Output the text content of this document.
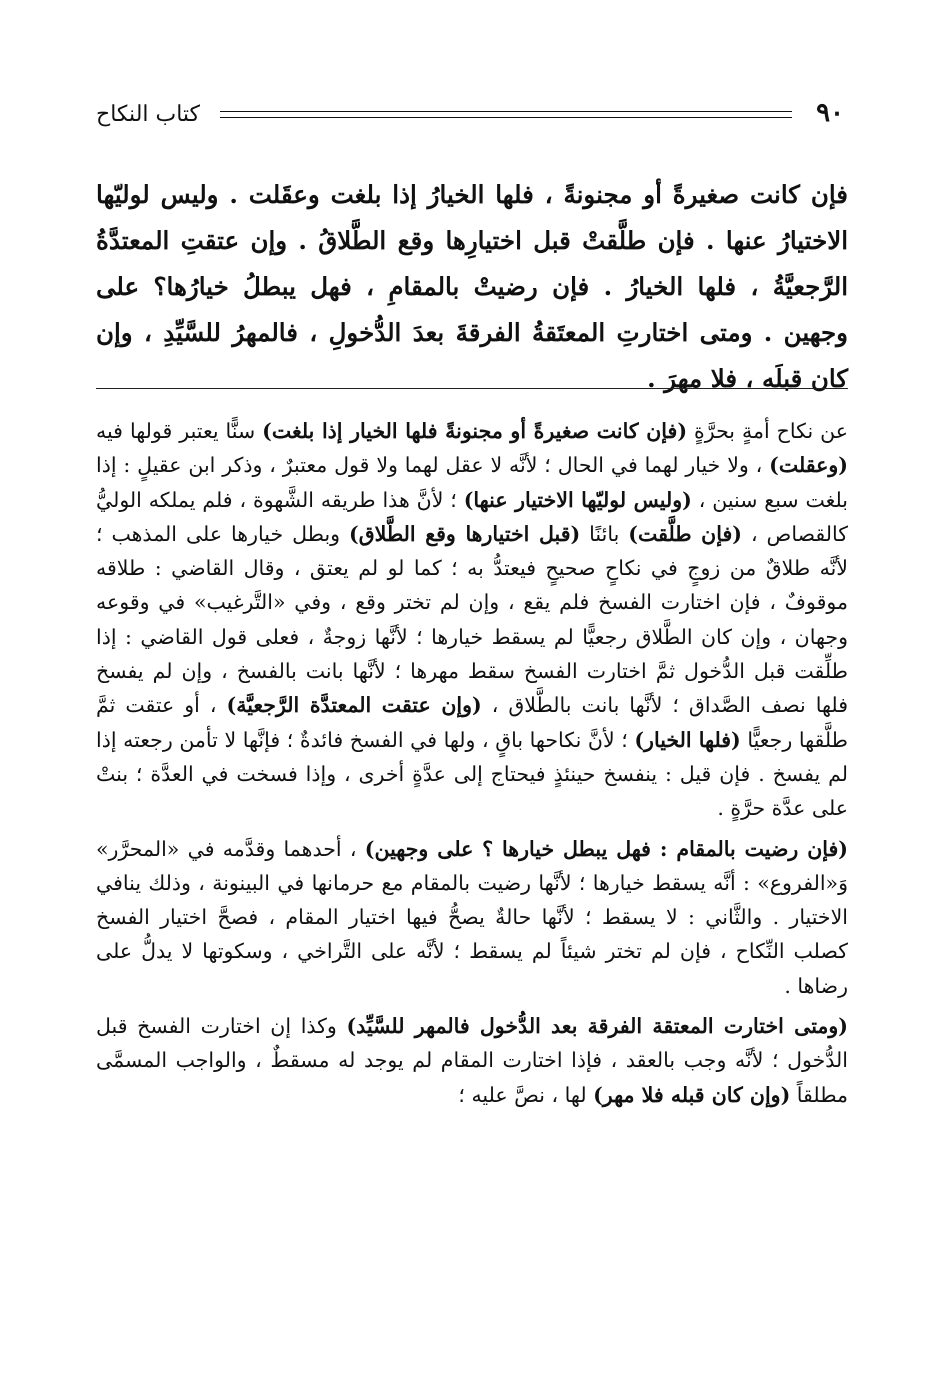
٩٠
كتاب النكاح
فإن كانت صغيرةً أو مجنونةً ، فلها الخيارُ إذا بلغت وعقَلت . وليس لوليّها الاختيارُ عنها . فإن طلَّقتْ قبل اختيارِها وقع الطَّلاقُ . وإن عتقتِ المعتدَّةُ الرَّجعيَّةُ ، فلها الخيارُ . فإن رضيتْ بالمقامِ ، فهل يبطلُ خيارُها؟ على وجهين . ومتى اختارتِ المعتَقةُ الفرقةَ بعدَ الدُّخولِ ، فالمهرُ للسَّيِّدِ ، وإن كان قبلَه ، فلا مهرَ .

عن نكاح أمةٍ بحرَّةٍ (فإن كانت صغيرةً أو مجنونةً فلها الخيار إذا بلغت) سنًّا يعتبر قولها فيه (وعقلت) ، ولا خيار لهما في الحال ؛ لأنَّه لا عقل لهما ولا قول معتبرٌ ، وذكر ابن عقيلٍ : إذا بلغت سبع سنين ، (وليس لوليّها الاختيار عنها) ؛ لأنَّ هذا طريقه الشَّهوة ، فلم يملكه الوليُّ كالقصاص ، (فإن طلَّقت) بائنًا (قبل اختيارها وقع الطَّلاق) وبطل خيارها على المذهب ؛ لأنَّه طلاقٌ من زوجٍ في نكاحٍ صحيحٍ فيعتدُّ به ؛ كما لو لم يعتق ، وقال القاضي : طلاقه موقوفٌ ، فإن اختارت الفسخ فلم يقع ، وإن لم تختر وقع ، وفي «التَّرغيب» في وقوعه وجهان ، وإن كان الطَّلاق رجعيًّا لم يسقط خيارها ؛ لأنَّها زوجةٌ ، فعلى قول القاضي : إذا طلِّقت قبل الدُّخول ثمَّ اختارت الفسخ سقط مهرها ؛ لأنَّها بانت بالفسخ ، وإن لم يفسخ فلها نصف الصَّداق ؛ لأنَّها بانت بالطَّلاق ، (وإن عتقت المعتدَّة الرَّجعيَّة) ، أو عتقت ثمَّ طلَّقها رجعيًّا (فلها الخيار) ؛ لأنَّ نكاحها باقٍ ، ولها في الفسخ فائدةٌ ؛ فإنَّها لا تأمن رجعته إذا لم يفسخ . فإن قيل : ينفسخ حينئذٍ فيحتاج إلى عدَّةٍ أخرى ، وإذا فسخت في العدَّة ؛ بنتْ على عدَّة حرَّةٍ .

(فإن رضيت بالمقام : فهل يبطل خيارها ؟ على وجهين) ، أحدهما وقدَّمه في «المحرَّر» وَ«الفروع» : أنَّه يسقط خيارها ؛ لأنَّها رضيت بالمقام مع حرمانها في البينونة ، وذلك ينافي الاختيار . والثَّاني : لا يسقط ؛ لأنَّها حالةٌ يصحُّ فيها اختيار المقام ، فصحَّ اختيار الفسخ كصلب النِّكاح ، فإن لم تختر شيئاً لم يسقط ؛ لأنَّه على التَّراخي ، وسكوتها لا يدلُّ على رضاها .

(ومتى اختارت المعتقة الفرقة بعد الدُّخول فالمهر للسَّيِّد) وكذا إن اختارت الفسخ قبل الدُّخول ؛ لأنَّه وجب بالعقد ، فإذا اختارت المقام لم يوجد له مسقطٌ ، والواجب المسمَّى مطلقاً (وإن كان قبله فلا مهر) لها ، نصَّ عليه ؛
